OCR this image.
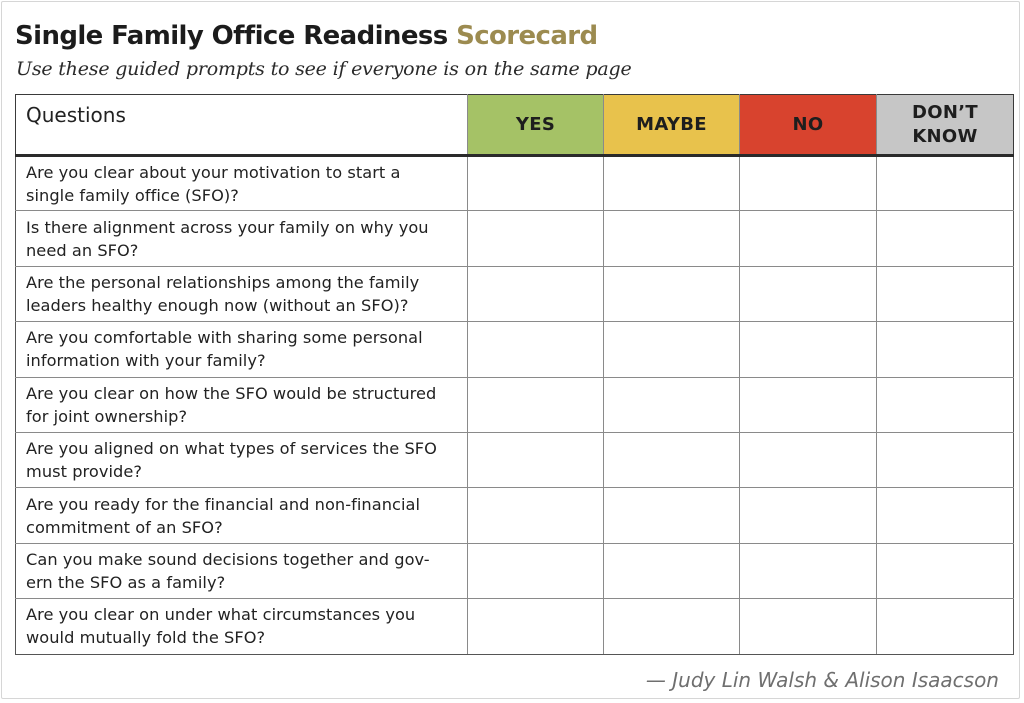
Single Family Office Readiness Scorecard
Use these guided prompts to see if everyone is on the same page
Questions	YES	MAYBE	NO	DON’T
KNOW
Are you clear about your motivation to start a
single family office (SFO)?				
Is there alignment across your family on why you
need an SFO?				
Are the personal relationships among the family
leaders healthy enough now (without an SFO)?				
Are you comfortable with sharing some personal
information with your family?				
Are you clear on how the SFO would be structured
for joint ownership?				
Are you aligned on what types of services the SFO
must provide?				
Are you ready for the financial and non-financial
commitment of an SFO?				
Can you make sound decisions together and gov-
ern the SFO as a family?				
Are you clear on under what circumstances you
would mutually fold the SFO?				
— Judy Lin Walsh & Alison Isaacson
